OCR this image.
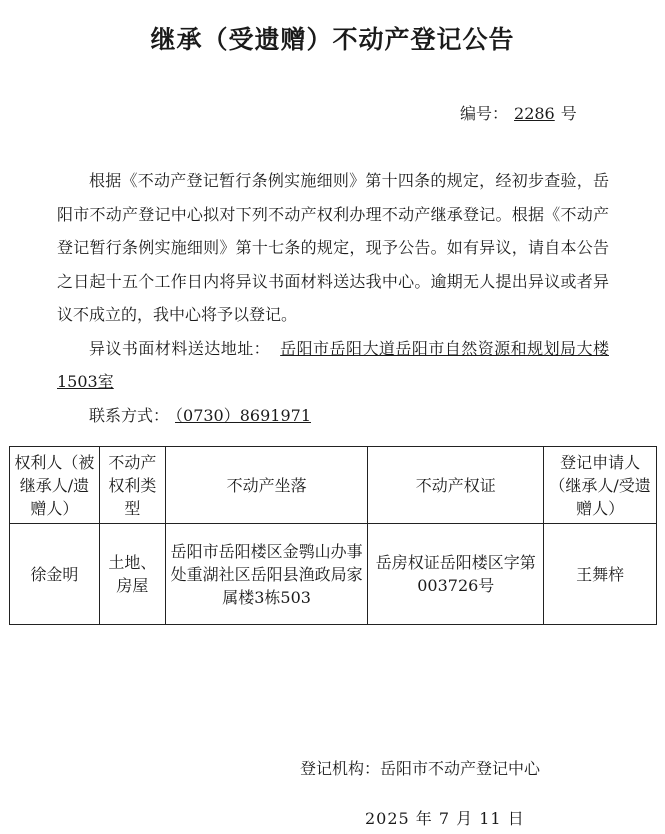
继承（受遗赠）不动产登记公告
编号： 2286 号

根据《不动产登记暂行条例实施细则》第十四条的规定，经初步查验，岳阳市不动产登记中心拟对下列不动产权利办理不动产继承登记。根据《不动产登记暂行条例实施细则》第十七条的规定，现予公告。如有异议，请自本公告之日起十五个工作日内将异议书面材料送达我中心。逾期无人提出异议或者异议不成立的，我中心将予以登记。

异议书面材料送达地址： 岳阳市岳阳大道岳阳市自然资源和规划局大楼1503室

联系方式： （0730）8691971

权利人（被继承人/遗赠人）	不动产权利类型	不动产坐落	不动产权证	登记申请人（继承人/受遗赠人）
徐金明	土地、房屋	岳阳市岳阳楼区金鹗山办事处重湖社区岳阳县渔政局家属楼3栋503	岳房权证岳阳楼区字第003726号	王舞梓
登记机构：岳阳市不动产登记中心
2025 年 7 月 11 日
